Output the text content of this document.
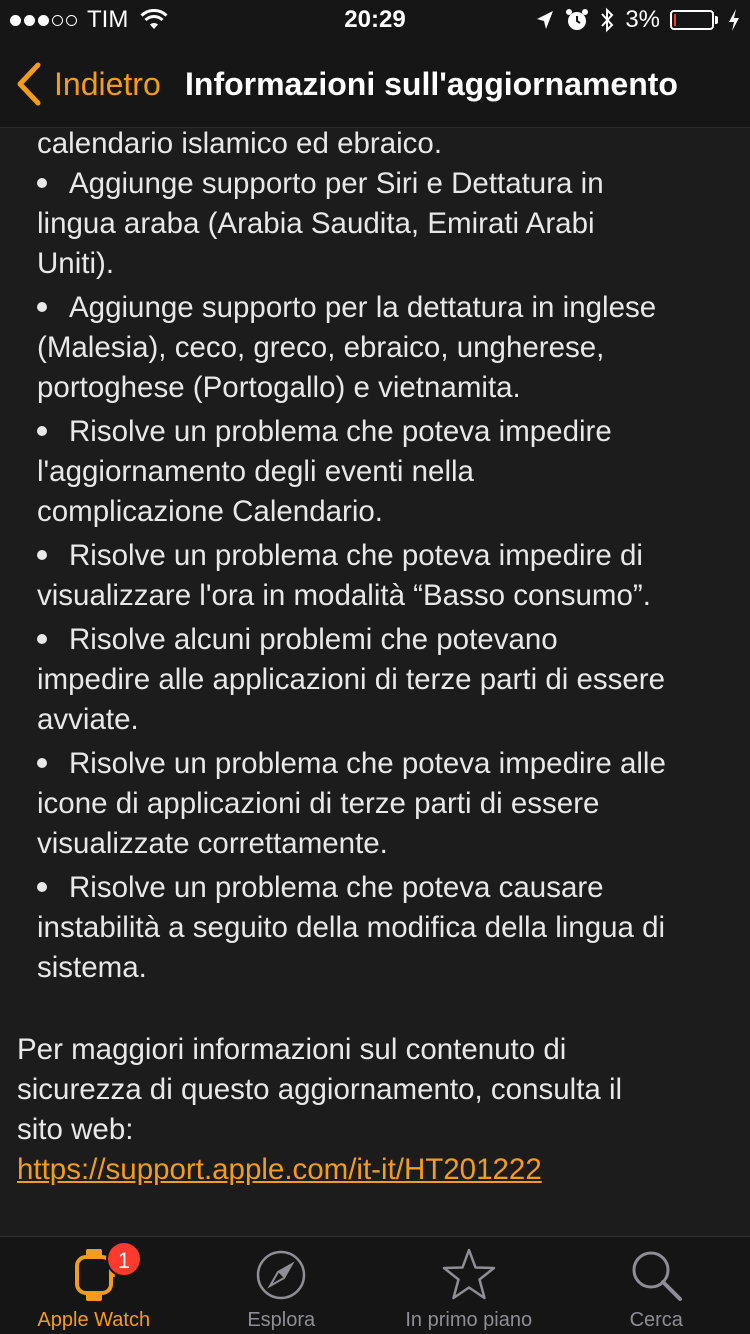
TIM	20:29	3%
Indietro Informazioni sull'aggiornamento
calendario islamico ed ebraico.
Aggiunge supporto per Siri e Dettatura in
lingua araba (Arabia Saudita, Emirati Arabi
Uniti).
Aggiunge supporto per la dettatura in inglese
(Malesia), ceco, greco, ebraico, ungherese,
portoghese (Portogallo) e vietnamita.
Risolve un problema che poteva impedire
l'aggiornamento degli eventi nella
complicazione Calendario.
Risolve un problema che poteva impedire di
visualizzare l'ora in modalità “Basso consumo”.
Risolve alcuni problemi che potevano
impedire alle applicazioni di terze parti di essere
avviate.
Risolve un problema che poteva impedire alle
icone di applicazioni di terze parti di essere
visualizzate correttamente.
Risolve un problema che poteva causare
instabilità a seguito della modifica della lingua di
sistema.
Per maggiori informazioni sul contenuto di
sicurezza di questo aggiornamento, consulta il
sito web:
https://support.apple.com/it-it/HT201222
1
Apple Watch	Esplora	In primo piano	Cerca
